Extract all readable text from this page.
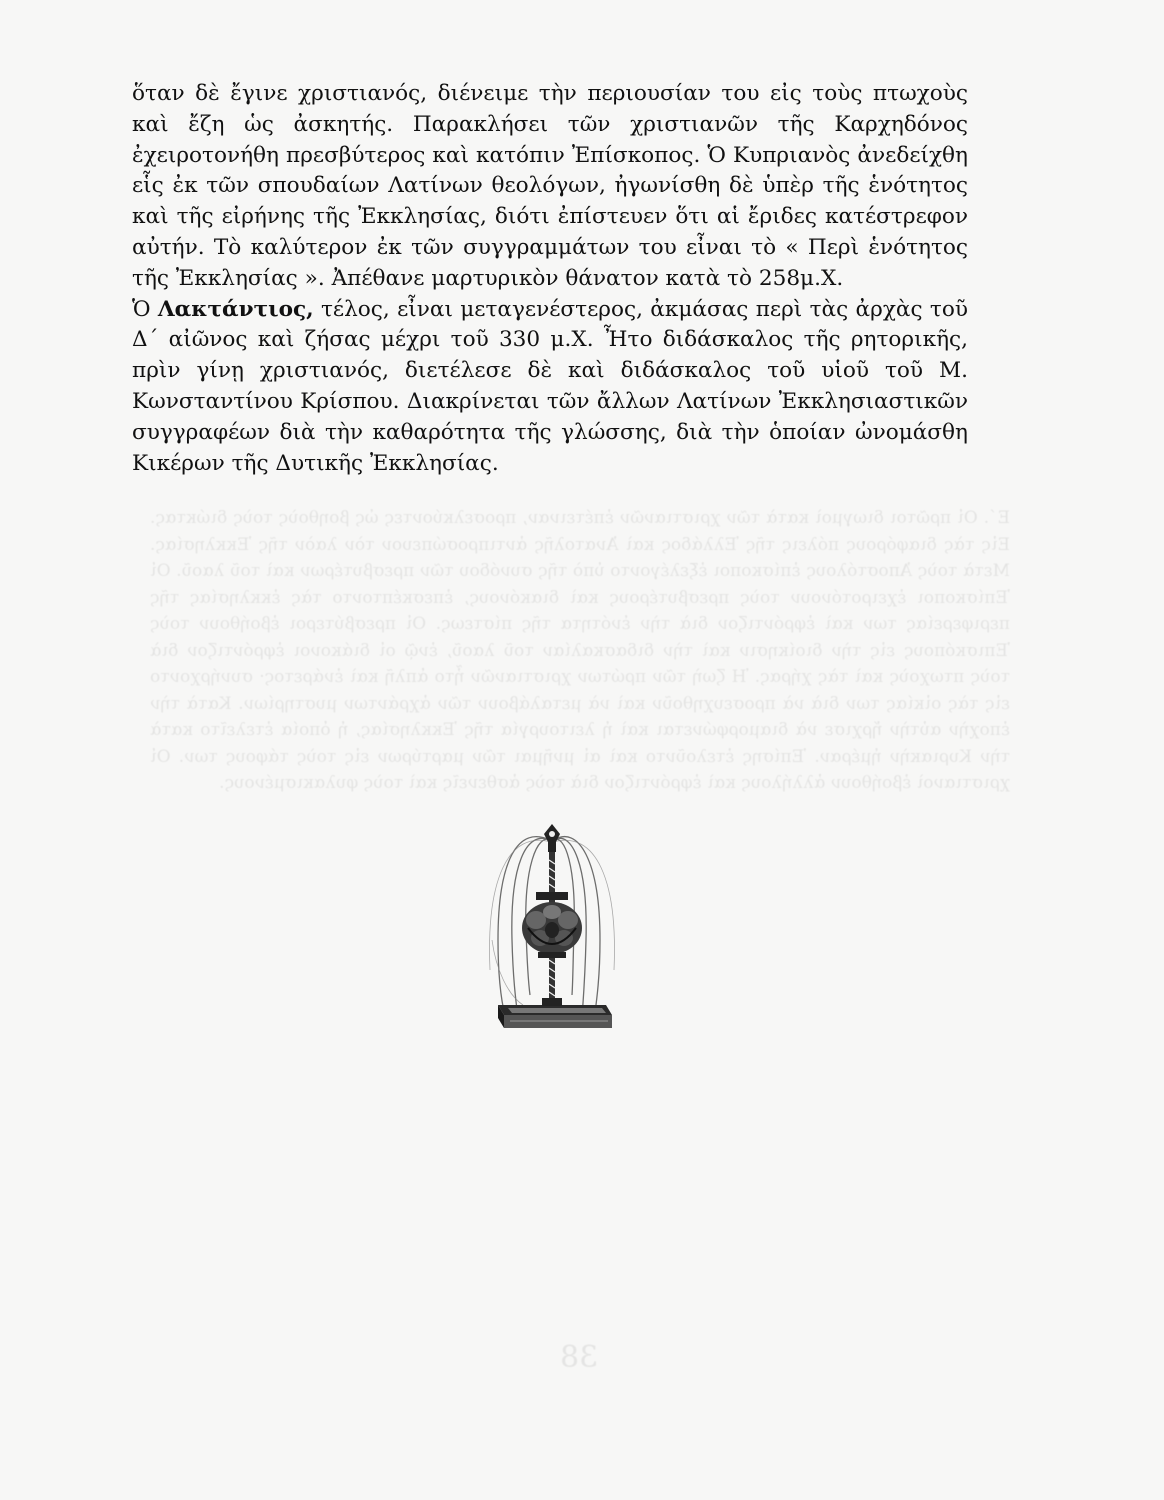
Ε΄. Οἱ πρῶτοι διωγμοὶ κατὰ τῶν χριστιανῶν ἐπέτειναν, προσελκύοντες ὡς βοηθοὺς τοὺς διώκτας. Εἰς τὰς διαφόρους πόλεις τῆς Ἑλλάδος καὶ Ἀνατολῆς ἀντιπροσώπευον τὸν λαὸν τῆς Ἐκκλησίας. Μετὰ τοὺς Ἀποστόλους ἐπίσκοποι ἐξελέγοντο ὑπὸ τῆς συνόδου τῶν πρεσβυτέρων καὶ τοῦ λαοῦ. Οἱ Ἐπίσκοποι ἐχειροτόνουν τοὺς πρεσβυτέρους καὶ διακόνους, ἐπεσκέπτοντο τὰς ἐκκλησίας τῆς περιφερείας των καὶ ἐφρόντιζον διὰ τὴν ἑνότητα τῆς πίστεως. Οἱ πρεσβύτεροι ἐβοήθουν τοὺς Ἐπισκόπους εἰς τὴν διοίκησιν καὶ τὴν διδασκαλίαν τοῦ λαοῦ, ἐνῷ οἱ διάκονοι ἐφρόντιζον διὰ τοὺς πτωχοὺς καὶ τὰς χήρας. Ἡ ζωὴ τῶν πρώτων χριστιανῶν ἦτο ἁπλῆ καὶ ἐνάρετος· συνήρχοντο εἰς τὰς οἰκίας των διὰ νὰ προσευχηθοῦν καὶ νὰ μεταλάβουν τῶν ἀχράντων μυστηρίων. Κατὰ τὴν ἐποχὴν αὐτὴν ἤρχισε νὰ διαμορφώνεται καὶ ἡ λειτουργία τῆς Ἐκκλησίας, ἡ ὁποία ἐτελεῖτο κατὰ τὴν Κυριακὴν ἡμέραν. Ἐπίσης ἐτελοῦντο καὶ αἱ μνῆμαι τῶν μαρτύρων εἰς τοὺς τάφους των. Οἱ χριστιανοὶ ἐβοήθουν ἀλλήλους καὶ ἐφρόντιζον διὰ τοὺς ἀσθενεῖς καὶ τοὺς φυλακισμένους.
38

ὅταν δὲ ἔγινε χριστιανός, διένειμε τὴν περιουσίαν του εἰς τοὺς πτωχοὺς καὶ ἔζη ὡς ἀσκητής. Παρακλήσει τῶν χριστιανῶν τῆς Καρχηδόνος ἐχειροτονήθη πρεσβύτερος καὶ κατόπιν Ἐπίσκοπος. Ὁ Κυπριανὸς ἀνεδείχθη εἷς ἐκ τῶν σπουδαίων Λατίνων θεολόγων, ἠγωνίσθη δὲ ὑπὲρ τῆς ἑνότητος καὶ τῆς εἰρήνης τῆς Ἐκκλησίας, διότι ἐπίστευεν ὅτι αἱ ἔριδες κατέστρεφον αὐτήν. Τὸ καλύτερον ἐκ τῶν συγγραμμάτων του εἶναι τὸ « Περὶ ἑνότητος τῆς Ἐκκλησίας ». Ἀπέθανε μαρτυρικὸν θάνατον κατὰ τὸ 258μ.Χ.

Ὁ Λακτάντιος, τέλος, εἶναι μεταγενέστερος, ἀκμάσας περὶ τὰς ἀρχὰς τοῦ Δ΄ αἰῶνος καὶ ζήσας μέχρι τοῦ 330 μ.Χ. Ἦτο διδάσκαλος τῆς ρητορικῆς, πρὶν γίνῃ χριστιανός, διετέλεσε δὲ καὶ διδάσκαλος τοῦ υἱοῦ τοῦ Μ. Κωνσταντίνου Κρίσπου. Διακρίνεται τῶν ἄλλων Λατίνων Ἐκκλησιαστικῶν συγγραφέων διὰ τὴν καθαρότητα τῆς γλώσσης, διὰ τὴν ὁποίαν ὠνομάσθη Κικέρων τῆς Δυτικῆς Ἐκκλησίας.
